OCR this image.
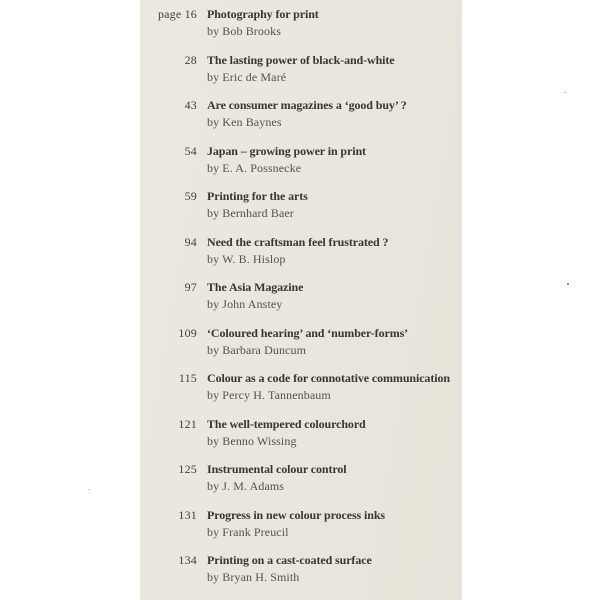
page 16 Photography for print
by Bob Brooks
28 The lasting power of black-and-white
by Eric de Maré
43 Are consumer magazines a ‘good buy’ ?
by Ken Baynes
54 Japan – growing power in print
by E. A. Possnecke
59 Printing for the arts
by Bernhard Baer
94 Need the craftsman feel frustrated ?
by W. B. Hislop
97 The Asia Magazine
by John Anstey
109 ‘Coloured hearing’ and ‘number-forms’
by Barbara Duncum
115 Colour as a code for connotative communication
by Percy H. Tannenbaum
121 The well-tempered colourchord
by Benno Wissing
125 Instrumental colour control
by J. M. Adams
131 Progress in new colour process inks
by Frank Preucil
134 Printing on a cast-coated surface
by Bryan H. Smith
